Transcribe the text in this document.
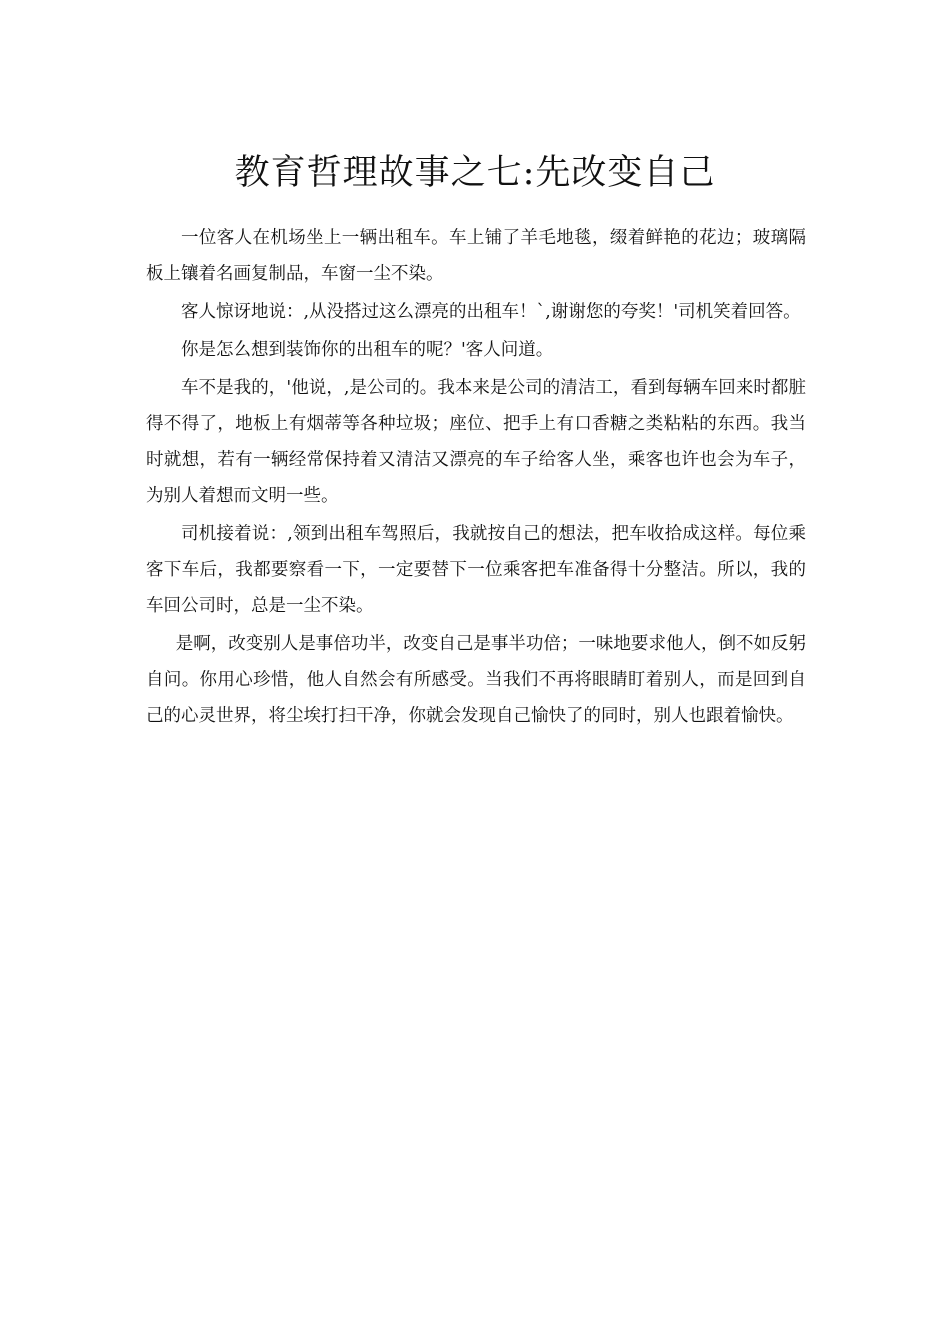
教育哲理故事之七:先改变自己

一位客人在机场坐上一辆出租车。车上铺了羊毛地毯，缀着鲜艳的花边；玻璃隔板上镶着名画复制品，车窗一尘不染。

客人惊讶地说：,从没搭过这么漂亮的出租车！`,谢谢您的夸奖！'司机笑着回答。

你是怎么想到装饰你的出租车的呢？'客人问道。

车不是我的，'他说，,是公司的。我本来是公司的清洁工，看到每辆车回来时都脏得不得了，地板上有烟蒂等各种垃圾；座位、把手上有口香糖之类粘粘的东西。我当时就想，若有一辆经常保持着又清洁又漂亮的车子给客人坐，乘客也许也会为车子，为别人着想而文明一些。

司机接着说：,领到出租车驾照后，我就按自己的想法，把车收拾成这样。每位乘客下车后，我都要察看一下，一定要替下一位乘客把车准备得十分整洁。所以，我的车回公司时，总是一尘不染。

是啊，改变别人是事倍功半，改变自己是事半功倍；一味地要求他人，倒不如反躬自问。你用心珍惜，他人自然会有所感受。当我们不再将眼睛盯着别人，而是回到自己的心灵世界，将尘埃打扫干净，你就会发现自己愉快了的同时，别人也跟着愉快。
